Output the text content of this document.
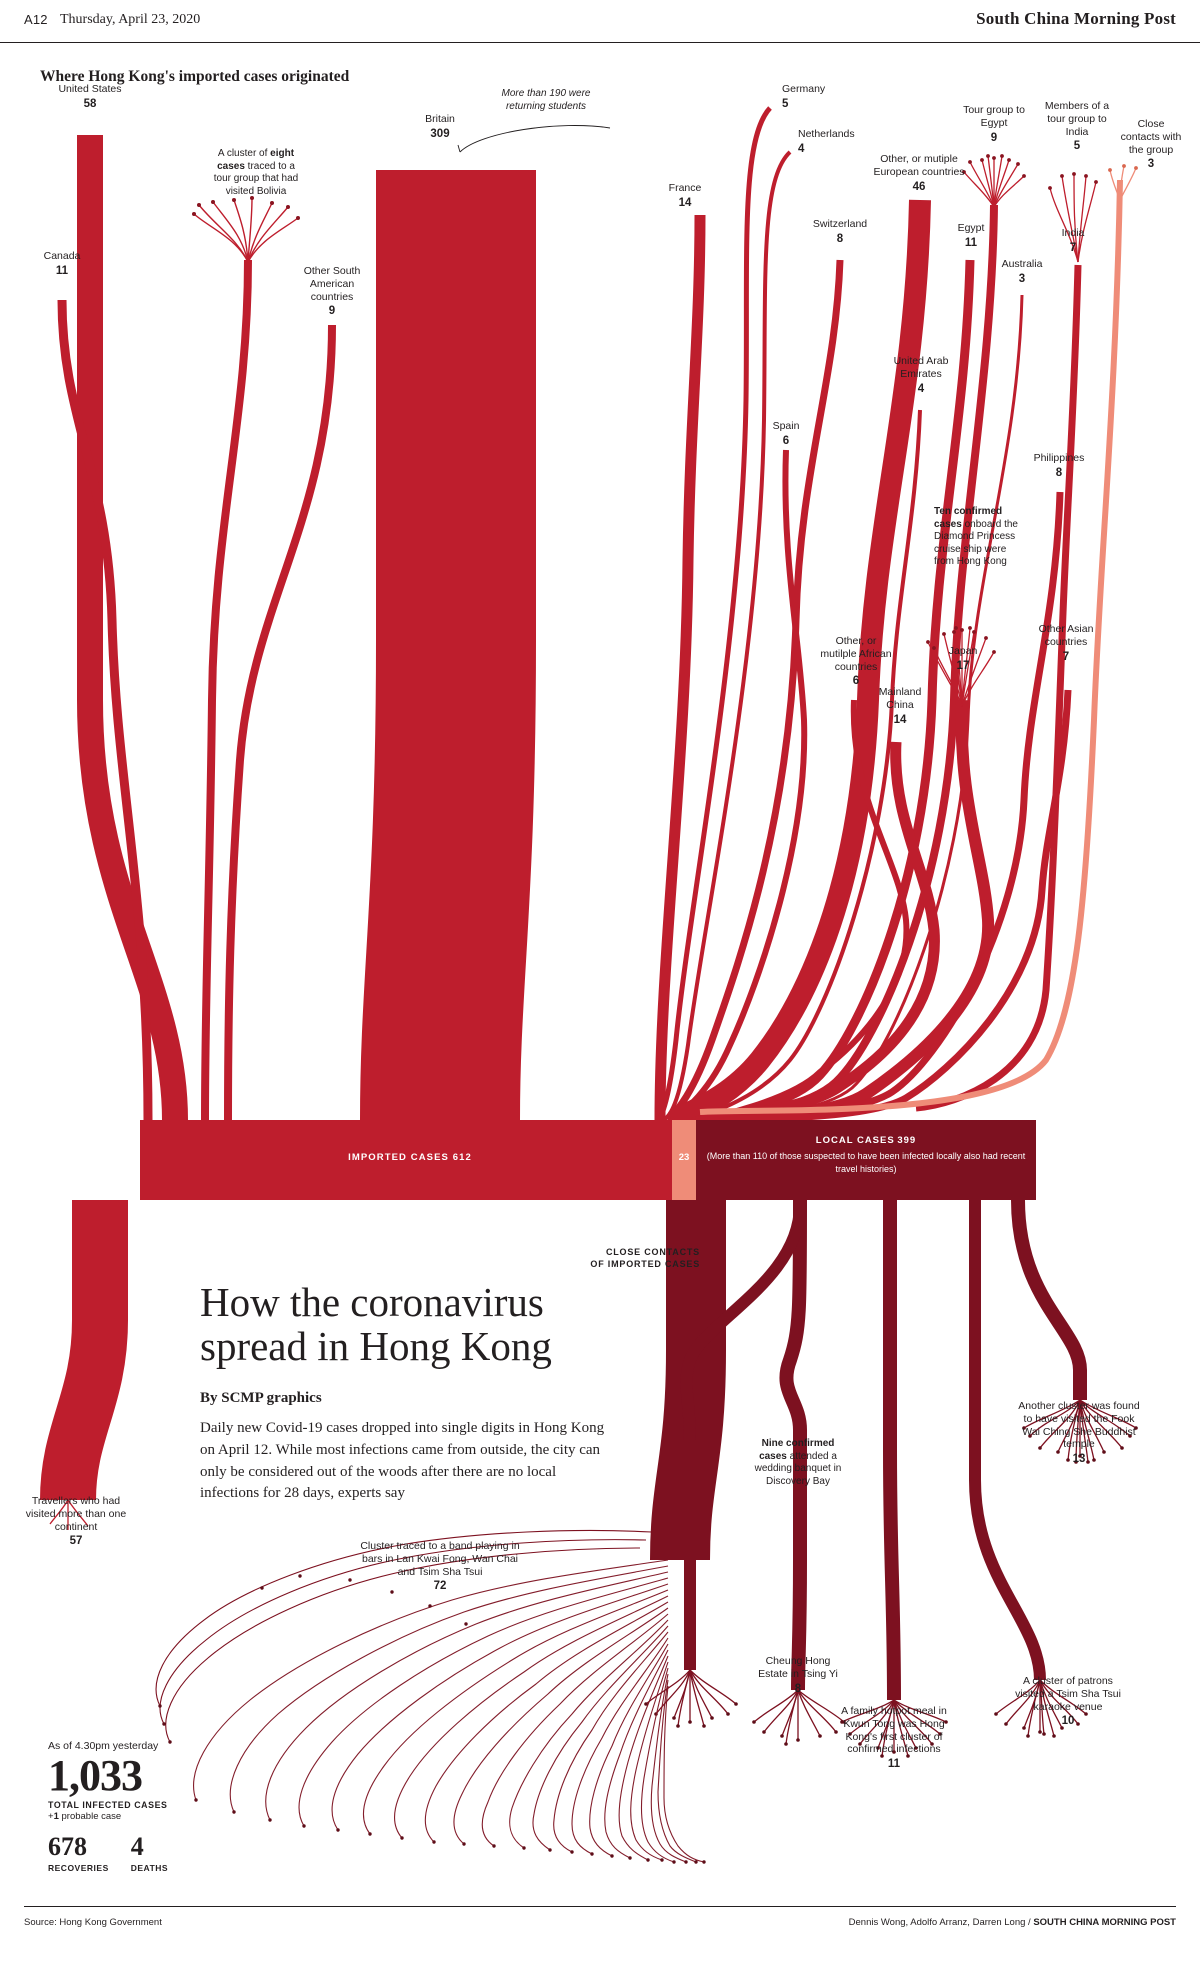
A12 Thursday, April 23, 2020	South China Morning Post
Where Hong Kong's imported cases originated
United States
58
Canada
11
A cluster of eight cases traced to a tour group that had visited Bolivia
Other South American countries
9
Britain
309
More than 190 were returning students
France
14
Germany
5
Netherlands
4
Switzerland
8
Other, or mutiple European countries
46
Tour group to Egypt
9
Members of a tour group to India
5
Close contacts with the group
3
Egypt
11
India
7
Australia
3
United Arab Emirates
4
Spain
6
Philippines
8
Ten confirmed cases onboard the Diamond Princess cruise ship were from Hong Kong
Other, or mutilple African countries
6
Japan
17
Other Asian countries
7
Mainland China
14
IMPORTED CASES 612	23
LOCAL CASES 399
(More than 110 of those suspected to have been infected locally also had recent travel histories)
CLOSE CONTACTS
OF IMPORTED CASES
How the coronavirus spread in Hong Kong
By SCMP graphics
Daily new Covid-19 cases dropped into single digits in Hong Kong on April 12. While most infections came from outside, the city can only be considered out of the woods after there are no local infections for 28 days, experts say
Travellers who had visited more than one continent
57	Cluster traced to a band playing in bars in Lan Kwai Fong, Wan Chai and Tsim Sha Tsui
72
Nine confirmed cases attended a wedding banquet in Discovery Bay
Another cluster was found to have visited the Fook Wai Ching She Buddhist temple
13
Cheung Hong Estate in Tsing Yi
8
A family hotpot meal in Kwun Tong was Hong Kong's first cluster of confirmed infections
11
A cluster of patrons visited a Tsim Sha Tsui karaoke venue
10
As of 4.30pm yesterday
1,033
TOTAL INFECTED CASES
+1 probable case
678
RECOVERIES
4
DEATHS
Source: Hong Kong Government	Dennis Wong, Adolfo Arranz, Darren Long / SOUTH CHINA MORNING POST
